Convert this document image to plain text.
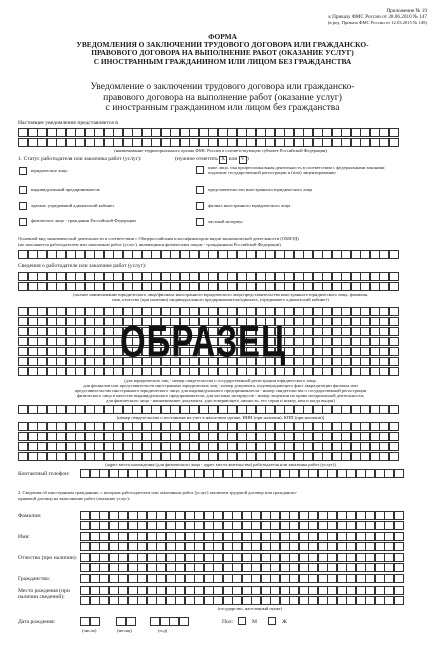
Приложение № 19
к Приказу ФМС России от 28.06.2010 № 147
(в ред. Приказа ФМС России от 12.03.2015 № 149)
ФОРМА
УВЕДОМЛЕНИЯ О ЗАКЛЮЧЕНИИ ТРУДОВОГО ДОГОВОРА ИЛИ ГРАЖДАНСКО-
ПРАВОВОГО ДОГОВОРА НА ВЫПОЛНЕНИЕ РАБОТ (ОКАЗАНИЕ УСЛУГ)
С ИНОСТРАННЫМ ГРАЖДАНИНОМ ИЛИ ЛИЦОМ БЕЗ ГРАЖДАНСТВА
Уведомление о заключении трудового договора или гражданско-
правового договора на выполнение работ (оказание услуг)
с иностранным гражданином или лицом без гражданства
Настоящее уведомление представляется в
(наименование территориального органа ФМС России в соответствующем субъекте Российской Федерации)
1. Статус работодателя или заказчика работ (услуг):	(нужное отметить X или V )
юридическое лицо
индивидуальный предприниматель
адвокат, учредивший адвокатский кабинет
физическое лицо - гражданин Российской Федерации
иное лицо, чья профессиональная деятельность в соответствии с федеральными законами подлежит государственной регистрации и (или) лицензированию
представительство иностранного юридического лица
филиал иностранного юридического лица
частный нотариус
Основной вид экономической деятельности в соответствии с Общероссийским классификатором видов экономической деятельности (ОКВЭД)
(не заполняется работодателем или заказчиком работ (услуг), являющимся физическим лицом - гражданином Российской Федерации)
Сведения о работодателе или заказчике работ (услуг):
(полное наименование юридического лица/филиала иностранного юридического лица/представительства иностранного юридического лица, фамилия,
имя, отчество (при наличии) индивидуального предпринимателя/адвоката, учредившего адвокатский кабинет)
ОБРАЗЕЦ
(для юридических лиц - номер свидетельства о государственной регистрации юридического лица;
для филиалов или представительств иностранных юридических лиц - номер документа, подтверждающего факт аккредитации филиала или
представительства иностранного юридического лица; для индивидуального предпринимателя - номер свидетельства о государственной регистрации
физического лица в качестве индивидуального предпринимателя; для частных нотариусов - номер лицензии на право нотариальной деятельности;
для физического лица - наименование документа, удостоверяющего личность, его серия и номер, кем и когда выдан)
(номер свидетельства о постановке на учет в налоговом органе, ИНН (при наличии), КПП (при наличии))
(адрес места нахождения (для физического лица - адрес места жительства) работодателя или заказчика работ (услуг))
Контактный телефон:
2. Сведения об иностранном гражданине, с которым работодателем или заказчиком работ (услуг) заключен трудовой договор или гражданско-
правовой договор на выполнение работ (оказание услуг):
Фамилия:
Имя:
Отчество (при наличии):
Гражданство:
Место рождения (при
наличии сведений):
(государство, населенный пункт)
Дата рождения:
(число)	(месяц)	(год)
Пол:	М	Ж
